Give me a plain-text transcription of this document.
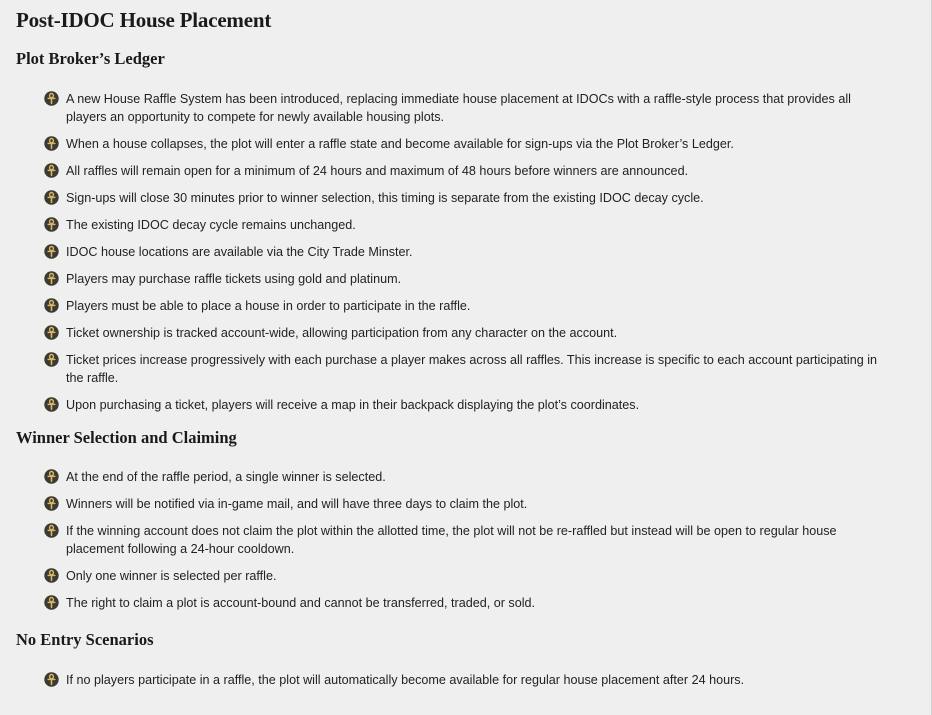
Post-IDOC House Placement
Plot Broker’s Ledger
A new House Raffle System has been introduced, replacing immediate house placement at IDOCs with a raffle-style process that provides all players an opportunity to compete for newly available housing plots.
When a house collapses, the plot will enter a raffle state and become available for sign-ups via the Plot Broker’s Ledger.
All raffles will remain open for a minimum of 24 hours and maximum of 48 hours before winners are announced.
Sign-ups will close 30 minutes prior to winner selection, this timing is separate from the existing IDOC decay cycle.
The existing IDOC decay cycle remains unchanged.
IDOC house locations are available via the City Trade Minster.
Players may purchase raffle tickets using gold and platinum.
Players must be able to place a house in order to participate in the raffle.
Ticket ownership is tracked account-wide, allowing participation from any character on the account.
Ticket prices increase progressively with each purchase a player makes across all raffles. This increase is specific to each account participating in the raffle.
Upon purchasing a ticket, players will receive a map in their backpack displaying the plot’s coordinates.
Winner Selection and Claiming
At the end of the raffle period, a single winner is selected.
Winners will be notified via in-game mail, and will have three days to claim the plot.
If the winning account does not claim the plot within the allotted time, the plot will not be re-raffled but instead will be open to regular house placement following a 24-hour cooldown.
Only one winner is selected per raffle.
The right to claim a plot is account-bound and cannot be transferred, traded, or sold.
No Entry Scenarios
If no players participate in a raffle, the plot will automatically become available for regular house placement after 24 hours.
